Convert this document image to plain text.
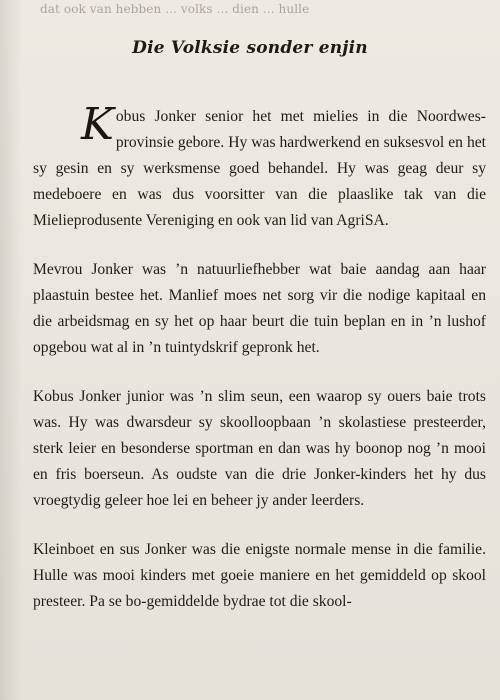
dat ook van hebben ... volks ... dien ... hulle
Die Volksie sonder enjin

Kobus Jonker senior het met mielies in die Noordwes-provinsie gebore. Hy was hardwerkend en suksesvol en het sy gesin en sy werksmense goed behandel. Hy was geag deur sy medeboere en was dus voorsitter van die plaaslike tak van die Mielieprodusente Vereniging en ook van lid van AgriSA.

Mevrou Jonker was ’n natuurliefhebber wat baie aandag aan haar plaastuin bestee het. Manlief moes net sorg vir die nodige kapitaal en die arbeidsmag en sy het op haar beurt die tuin beplan en in ’n lushof opgebou wat al in ’n tuintydskrif gepronk het.

Kobus Jonker junior was ’n slim seun, een waarop sy ouers baie trots was. Hy was dwarsdeur sy skoolloopbaan ’n skolastiese presteerder, sterk leier en besonderse sportman en dan was hy boonop nog ’n mooi en fris boerseun. As oudste van die drie Jonker-kinders het hy dus vroegtydig geleer hoe lei en beheer jy ander leerders.

Kleinboet en sus Jonker was die enigste normale mense in die familie. Hulle was mooi kinders met goeie maniere en het gemiddeld op skool presteer. Pa se bo-gemiddelde bydrae tot die skool-
